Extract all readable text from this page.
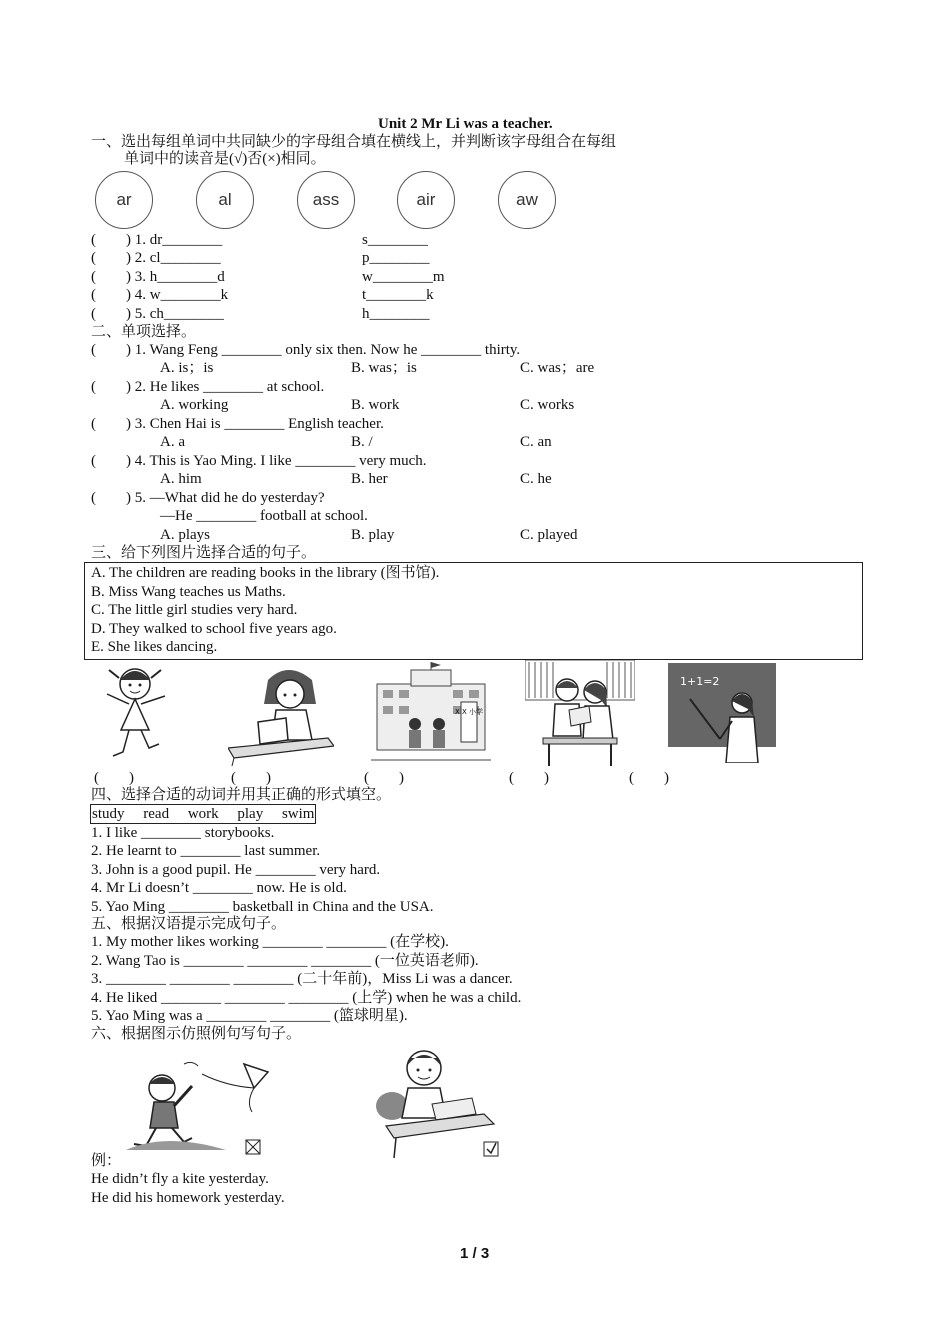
Unit 2 Mr Li was a teacher.
一、选出每组单词中共同缺少的字母组合填在横线上，并判断该字母组合在每组
单词中的读音是(√)否(×)相同。
ar	al	ass	air	aw
(　　) 1. dr________	s________
(　　) 2. cl________	p________
(　　) 3. h________d	w________m
(　　) 4. w________k	t________k
(　　) 5. ch________	h________
二、单项选择。
(　　) 1. Wang Feng ________ only six then. Now he ________ thirty.
A. is；is	B. was；is	C. was；are
(　　) 2. He likes ________ at school.
A. working	B. work	C. works
(　　) 3. Chen Hai is ________ English teacher.
A. a	B. /	C. an
(　　) 4. This is Yao Ming. I like ________ very much.
A. him	B. her	C. he
(　　) 5. —What did he do yesterday?
—He ________ football at school.
A. plays	B. play	C. played
三、给下列图片选择合适的句子。
A. The children are reading books in the library (图书馆).
B. Miss Wang teaches us Maths.
C. The little girl studies very hard.
D. They walked to school five years ago.
E. She likes dancing.
X X 小学
1+1=2
(　　)	(　　)	(　　)	(　　)	(　　)
四、选择合适的动词并用其正确的形式填空。
study　 read　 work　 play　 swim
1. I like ________ storybooks.
2. He learnt to ________ last summer.
3. John is a good pupil. He ________ very hard.
4. Mr Li doesn’t ________ now. He is old.
5. Yao Ming ________ basketball in China and the USA.
五、根据汉语提示完成句子。
1. My mother likes working ________ ________ (在学校).
2. Wang Tao is ________ ________ ________ (一位英语老师).
3. ________ ________ ________ (二十年前)，Miss Li was a dancer.
4. He liked ________ ________ ________ (上学) when he was a child.
5. Yao Ming was a ________ ________ (篮球明星).
六、根据图示仿照例句写句子。
例：
He didn’t fly a kite yesterday.
He did his homework yesterday.
1 / 3
